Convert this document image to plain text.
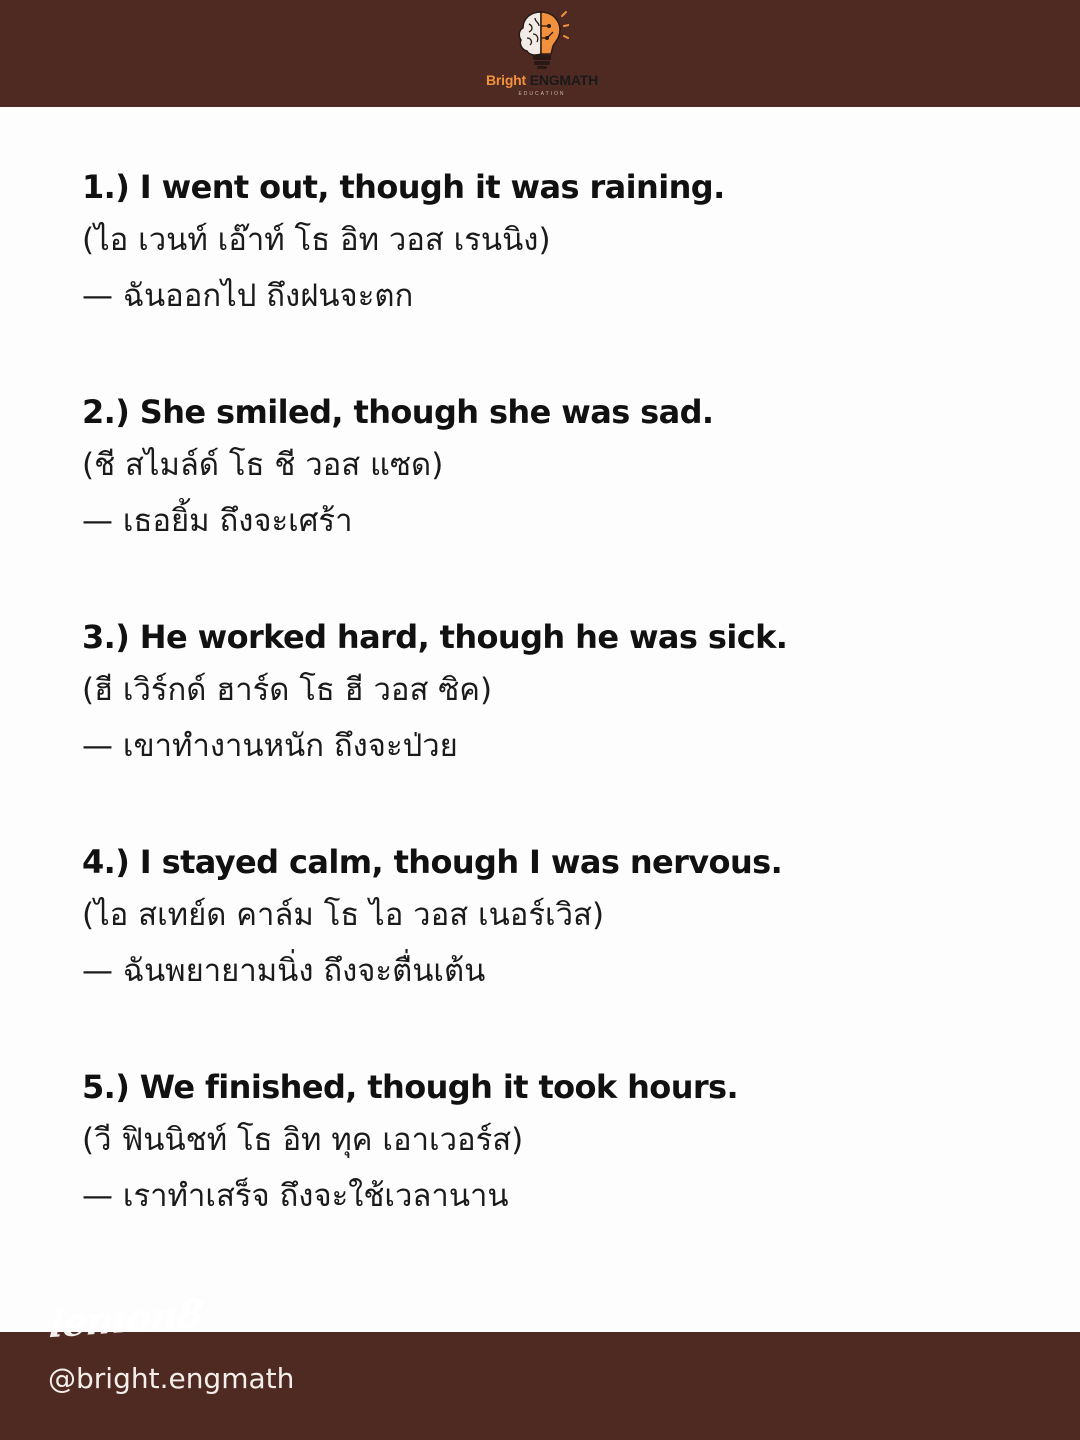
Bright ENGMATH
EDUCATION
1.) I went out, though it was raining.
(ไอ เวนท์ เอ๊าท์ โธ อิท วอส เรนนิง)
— ฉันออกไป ถึงฝนจะตก
2.) She smiled, though she was sad.
(ชี สไมล์ด์ โธ ชี วอส แซด)
— เธอยิ้ม ถึงจะเศร้า
3.) He worked hard, though he was sick.
(ฮี เวิร์กด์ ฮาร์ด โธ ฮี วอส ซิค)
— เขาทำงานหนัก ถึงจะป่วย
4.) I stayed calm, though I was nervous.
(ไอ สเทย์ด คาล์ม โธ ไอ วอส เนอร์เวิส)
— ฉันพยายามนิ่ง ถึงจะตื่นเต้น
5.) We finished, though it took hours.
(วี ฟินนิชท์ โธ อิท ทุค เอาเวอร์ส)
— เราทำเสร็จ ถึงจะใช้เวลานาน
lemon8
@bright.engmath
